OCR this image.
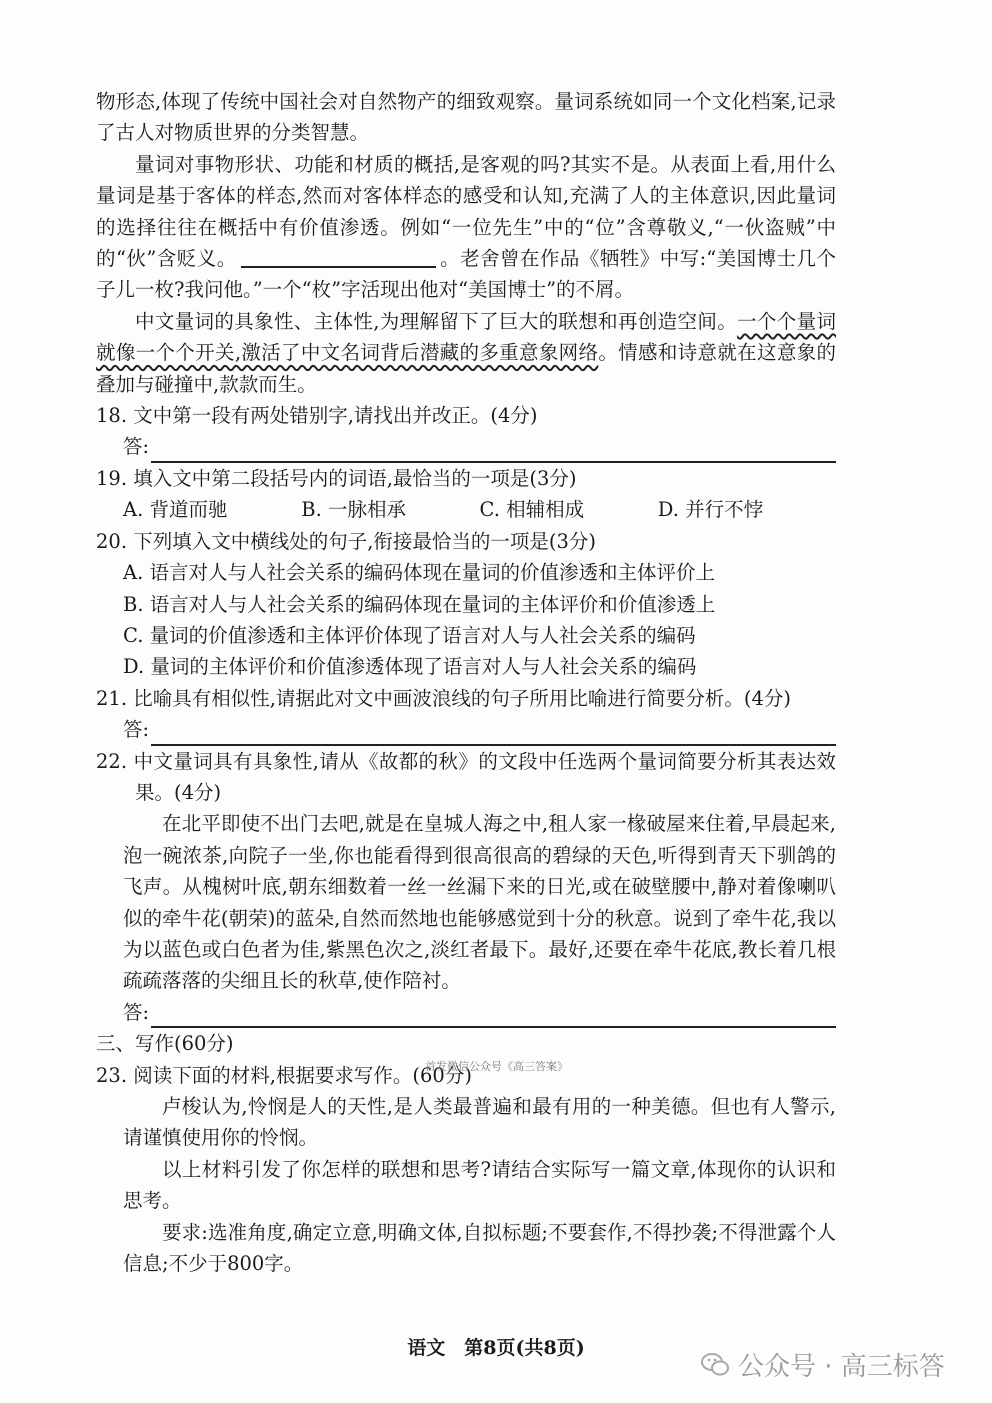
物形态,体现了传统中国社会对自然物产的细致观察。量词系统如同一个文化档案,记录了古人对物质世界的分类智慧。

量词对事物形状、功能和材质的概括,是客观的吗?其实不是。从表面上看,用什么量词是基于客体的样态,然而对客体样态的感受和认知,充满了人的主体意识,因此量词的选择往往在概括中有价值渗透。例如“一位先生”中的“位”含尊敬义,“一伙盗贼”中的“伙”含贬义。	。老舍曾在作品《牺牲》中写:“美国博士几个子儿一枚?我问他。”一个“枚”字活现出他对“美国博士”的不屑。

中文量词的具象性、主体性,为理解留下了巨大的联想和再创造空间。一个个量词就像一个个开关,激活了中文名词背后潜藏的多重意象网络。情感和诗意就在这意象的叠加与碰撞中,款款而生。

18. 文中第一段有两处错别字,请找出并改正。(4分)

答:

19. 填入文中第二段括号内的词语,最恰当的一项是(3分)

A. 背道而驰	B. 一脉相承	C. 相辅相成	D. 并行不悖

20. 下列填入文中横线处的句子,衔接最恰当的一项是(3分)

A. 语言对人与人社会关系的编码体现在量词的价值渗透和主体评价上

B. 语言对人与人社会关系的编码体现在量词的主体评价和价值渗透上

C. 量词的价值渗透和主体评价体现了语言对人与人社会关系的编码

D. 量词的主体评价和价值渗透体现了语言对人与人社会关系的编码

21. 比喻具有相似性,请据此对文中画波浪线的句子所用比喻进行简要分析。(4分)

答:

22. 中文量词具有具象性,请从《故都的秋》的文段中任选两个量词简要分析其表达效果。(4分)

在北平即使不出门去吧,就是在皇城人海之中,租人家一椽破屋来住着,早晨起来,泡一碗浓茶,向院子一坐,你也能看得到很高很高的碧绿的天色,听得到青天下驯鸽的飞声。从槐树叶底,朝东细数着一丝一丝漏下来的日光,或在破壁腰中,静对着像喇叭似的牵牛花(朝荣)的蓝朵,自然而然地也能够感觉到十分的秋意。说到了牵牛花,我以为以蓝色或白色者为佳,紫黑色次之,淡红者最下。最好,还要在牵牛花底,教长着几根疏疏落落的尖细且长的秋草,使作陪衬。

答:

三、写作(60分)

23. 阅读下面的材料,根据要求写作。(60分)

卢梭认为,怜悯是人的天性,是人类最普遍和最有用的一种美德。但也有人警示,请谨慎使用你的怜悯。

以上材料引发了你怎样的联想和思考?请结合实际写一篇文章,体现你的认识和思考。

要求:选准角度,确定立意,明确文体,自拟标题;不要套作,不得抄袭;不得泄露个人信息;不少于800字。

首发微信公众号《高三答案》
语文　第8页(共8页)
公众号 · 高三标答
